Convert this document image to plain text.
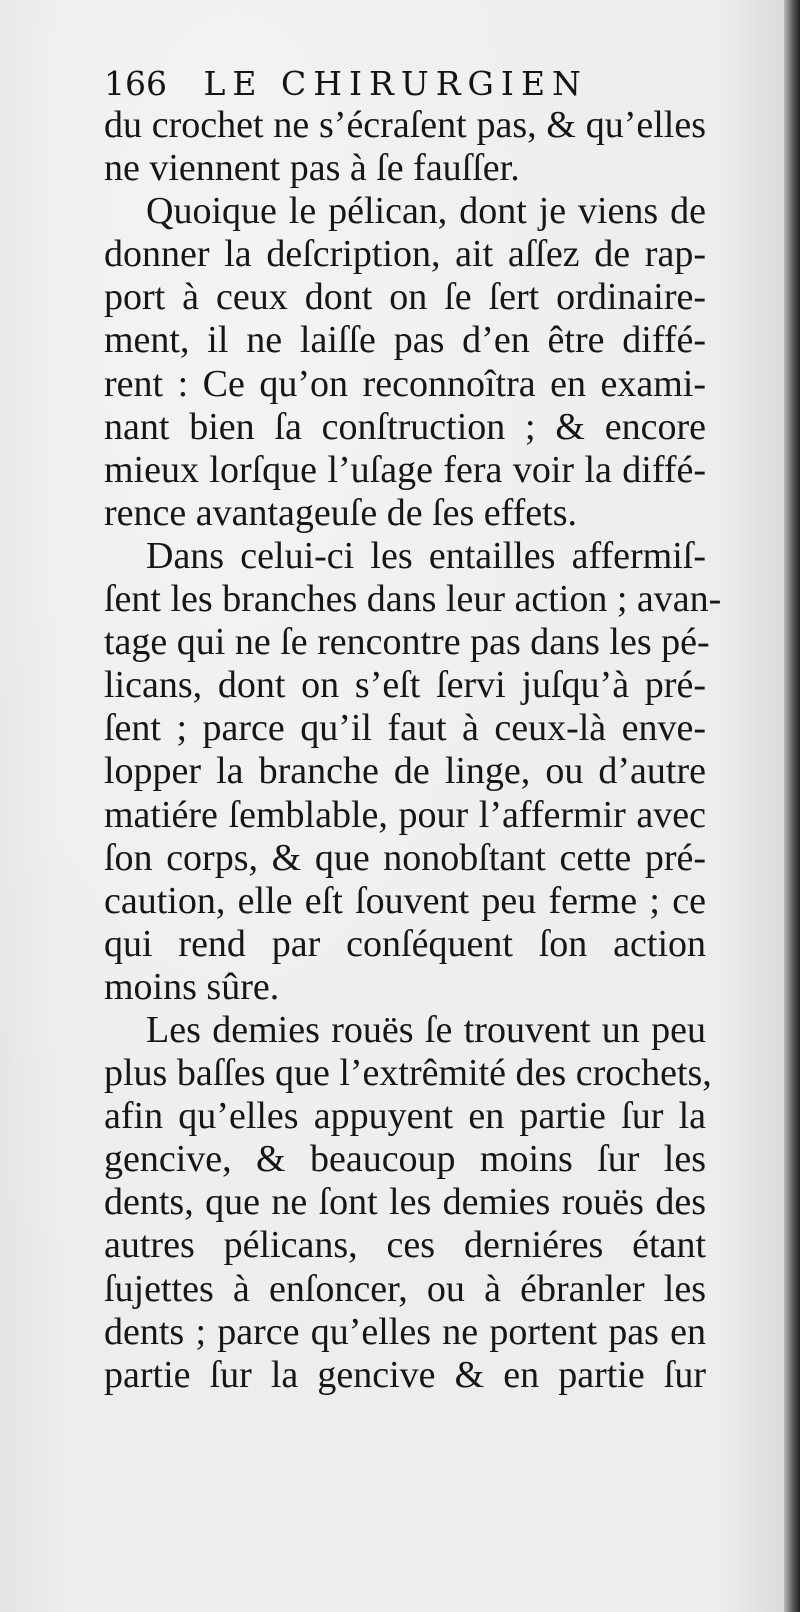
166 LE CHIRURGIEN
du crochet ne s’écraſent pas, & qu’elles
ne viennent pas à ſe fauſſer.
Quoique le pélican, dont je viens de
donner la deſcription, ait aſſez de rap-
port à ceux dont on ſe ſert ordinaire-
ment, il ne laiſſe pas d’en être diffé-
rent : Ce qu’on reconnoîtra en exami-
nant bien ſa conſtruction ; & encore
mieux lorſque l’uſage fera voir la diffé-
rence avantageuſe de ſes effets.
Dans celui-ci les entailles affermiſ-
ſent les branches dans leur action ; avan-
tage qui ne ſe rencontre pas dans les pé-
licans, dont on s’eſt ſervi juſqu’à pré-
ſent ; parce qu’il faut à ceux-là enve-
lopper la branche de linge, ou d’autre
matiére ſemblable, pour l’affermir avec
ſon corps, & que nonobſtant cette pré-
caution, elle eſt ſouvent peu ferme ; ce
qui rend par conſéquent ſon action
moins sûre.
Les demies rouës ſe trouvent un peu
plus baſſes que l’extrêmité des crochets,
afin qu’elles appuyent en partie ſur la
gencive, & beaucoup moins ſur les
dents, que ne ſont les demies rouës des
autres pélicans, ces derniéres étant
ſujettes à enſoncer, ou à ébranler les
dents ; parce qu’elles ne portent pas en
partie ſur la gencive & en partie ſur
